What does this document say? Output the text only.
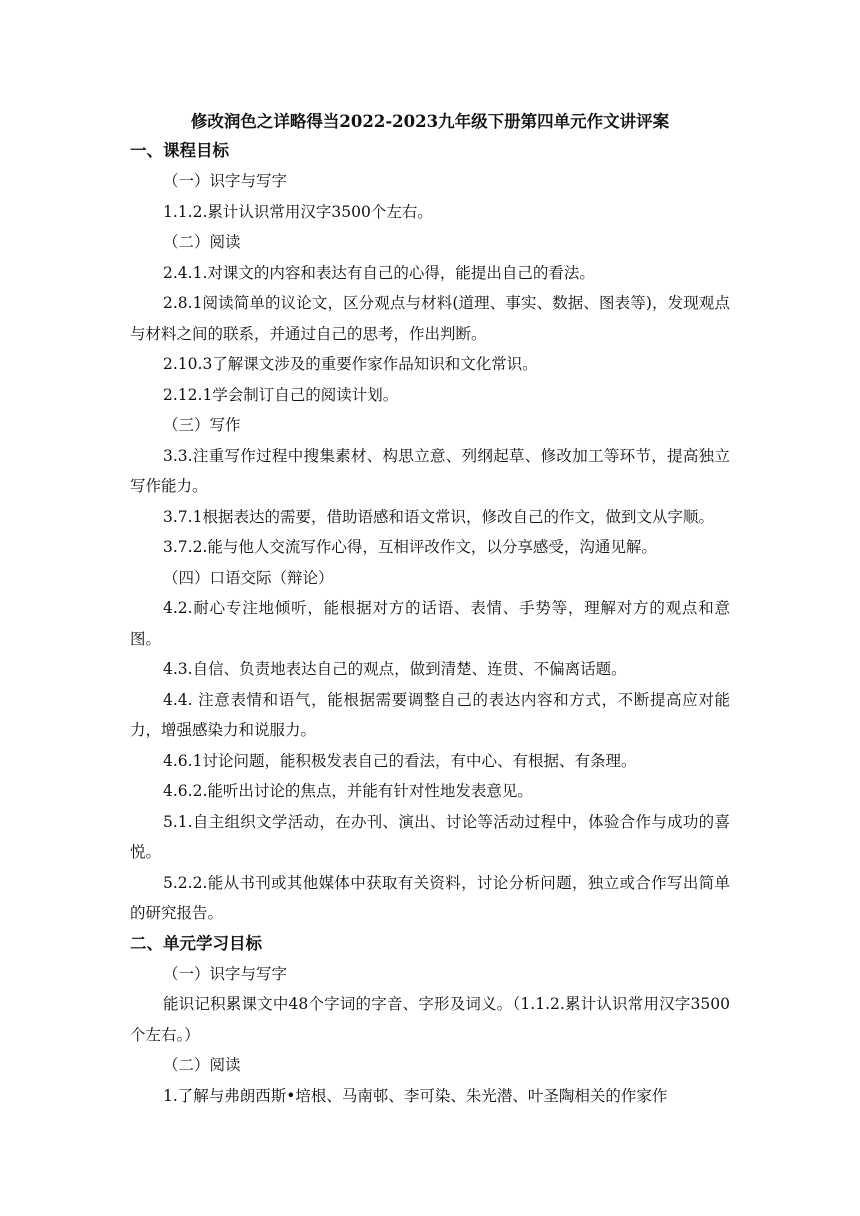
修改润色之详略得当2022-2023九年级下册第四单元作文讲评案

一、课程目标

（一）识字与写字

1.1.2.累计认识常用汉字3500个左右。

（二）阅读

2.4.1.对课文的内容和表达有自己的心得，能提出自己的看法。

2.8.1阅读简单的议论文，区分观点与材料(道理、事实、数据、图表等)，发现观点与材料之间的联系，并通过自己的思考，作出判断。

2.10.3了解课文涉及的重要作家作品知识和文化常识。

2.12.1学会制订自己的阅读计划。

（三）写作

3.3.注重写作过程中搜集素材、构思立意、列纲起草、修改加工等环节，提高独立写作能力。

3.7.1根据表达的需要，借助语感和语文常识，修改自己的作文，做到文从字顺。

3.7.2.能与他人交流写作心得，互相评改作文，以分享感受，沟通见解。

（四）口语交际（辩论）

4.2.耐心专注地倾听，能根据对方的话语、表情、手势等，理解对方的观点和意图。

4.3.自信、负责地表达自己的观点，做到清楚、连贯、不偏离话题。

4.4. 注意表情和语气，能根据需要调整自己的表达内容和方式，不断提高应对能力，增强感染力和说服力。

4.6.1讨论问题，能积极发表自己的看法，有中心、有根据、有条理。

4.6.2.能听出讨论的焦点，并能有针对性地发表意见。

5.1.自主组织文学活动，在办刊、演出、讨论等活动过程中，体验合作与成功的喜悦。

5.2.2.能从书刊或其他媒体中获取有关资料，讨论分析问题，独立或合作写出简单的研究报告。

二、单元学习目标

（一）识字与写字

能识记积累课文中48个字词的字音、字形及词义。（1.1.2.累计认识常用汉字3500个左右。）

（二）阅读

1.了解与弗朗西斯•培根、马南邨、李可染、朱光潜、叶圣陶相关的作家作
